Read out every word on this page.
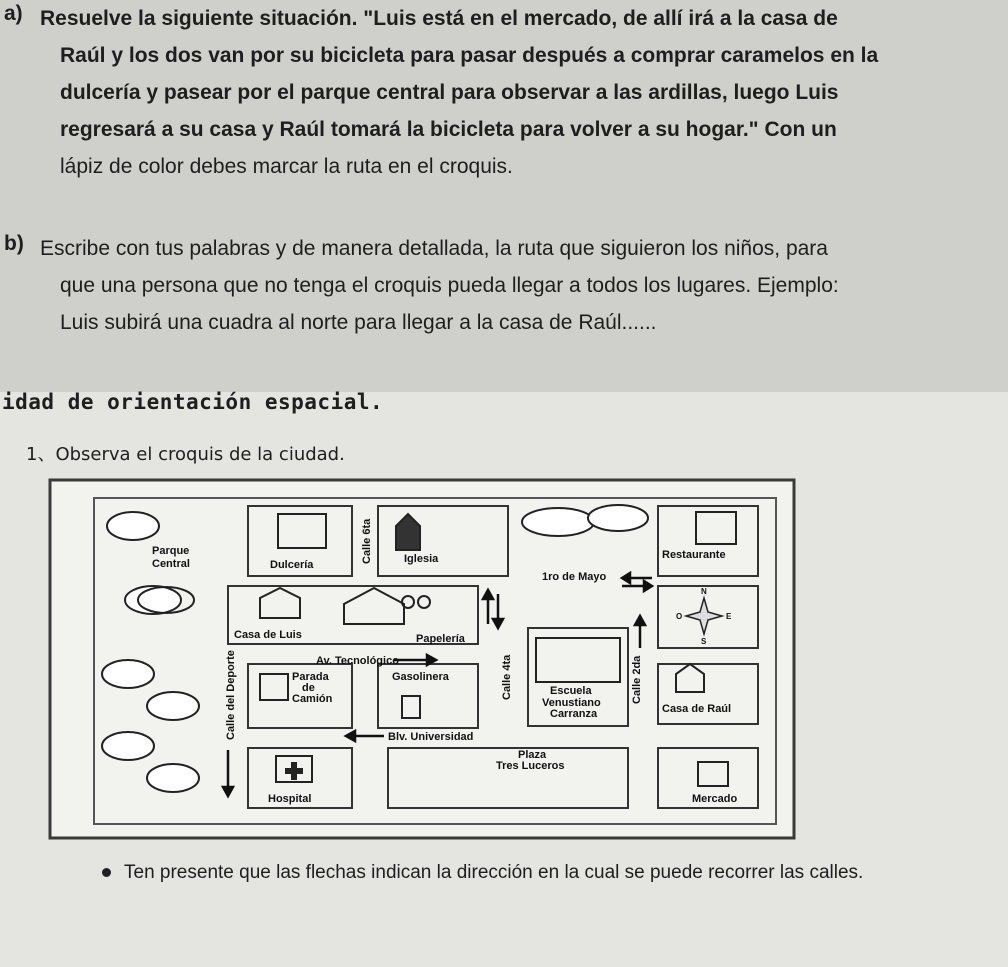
a) Resuelve la siguiente situación. "Luis está en el mercado, de allí irá a la casa de
Raúl y los dos van por su bicicleta para pasar después a comprar caramelos en la
dulcería y pasear por el parque central para observar a las ardillas, luego Luis
regresará a su casa y Raúl tomará la bicicleta para volver a su hogar." Con un
lápiz de color debes marcar la ruta en el croquis.
b) Escribe con tus palabras y de manera detallada, la ruta que siguieron los niños, para
que una persona que no tenga el croquis pueda llegar a todos los lugares. Ejemplo:
Luis subirá una cuadra al norte para llegar a la casa de Raúl......
idad de orientación espacial.
1、Observa el croquis de la ciudad.
Parque
Central	Dulcería	Iglesia
Calle 6ta	Restaurante
1ro de Mayo
Casa de Luis	Papelería
Av. Tecnológico
Parada
de
Camión
Gasolinera	Calle 4ta	Escuela
Venustiano
Carranza
Calle 2da
Casa de Raúl
Calle del Deporte	Blv. Universidad
Plaza
Tres Luceros
Hospital	Mercado
N
S
E
O
Ten presente que las flechas indican la dirección en la cual se puede recorrer las calles.
